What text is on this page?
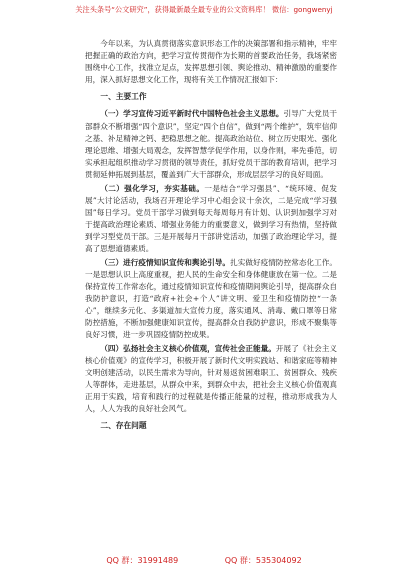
关注头条号“公文研究”，获得最新最全最专业的公文资料库！ 微信：gongwenyj

今年以来，为认真贯彻落实意识形态工作的决策部署和指示精神，牢牢把握正确的政治方向，把学习宣传贯彻作为长期的首要政治任务，我场紧密围绕中心工作，找准立足点，发挥思想引领、舆论推动、精神激励的重要作用，深入抓好思想文化工作，现将有关工作情况汇报如下：

一、主要工作

（一）学习宣传习近平新时代中国特色社会主义思想。引导广大党员干部群众不断增强“四个意识”，坚定“四个自信”，做到“两个维护”，筑牢信仰之基、补足精神之钙、把稳思想之舵。提高政治站位、树立历史眼光、强化理论思维、增强大局观念，发挥智慧学促学作用，以身作则，率先垂范，切实承担起组织推动学习贯彻的领导责任，抓好党员干部的教育培训，把学习贯彻延伸拓展到基层，覆盖到广大干部群众，形成层层学习的良好局面。

（二）强化学习，夯实基础。一是结合“学习强县”、“统环境、促发展”大讨论活动，我场召开理论学习中心组会议十余次，二是完成“学习强国”每日学习。党员干部学习做到每天每周每月有计划、认识到加强学习对于提高政治理论素质、增强业务能力的重要意义，做到学习有热情，坚持做到学习型党员干部。三是开展每月干部讲党活动，加强了政治理论学习，提高了思想道德素质。

（三）进行疫情知识宣传和舆论引导。扎实做好疫情防控常态化工作。一是思想认识上高度重视，把人民的生命安全和身体健康放在第一位。二是保持宣传工作常态化，通过疫情知识宣传和疫情期间舆论引导，提高群众自我防护意识，打造“政府+社会+个人”讲文明、爱卫生和疫情防控“一条心”，继续多元化、多渠道加大宣传力度，落实通风、消毒、戴口罩等日常防控措施，不断加强健康知识宣传，提高群众自我防护意识，形成不聚集等良好习惯，进一步巩固疫情防控成果。

（四）弘扬社会主义核心价值观，宣传社会正能量。开展了《社会主义核心价值观》的宣传学习，积极开展了新时代文明实践站、和谐家庭等精神文明创建活动，以民生需求为导向，针对易返贫困难职工、贫困群众、残疾人等群体，走进基层，从群众中来，到群众中去，把社会主义核心价值观真正用于实践，培育和践行的过程就是传播正能量的过程，推动形成我为人人，人人为我的良好社会风气。

二、存在问题
QQ 群：31991489	QQ 群：535304092
